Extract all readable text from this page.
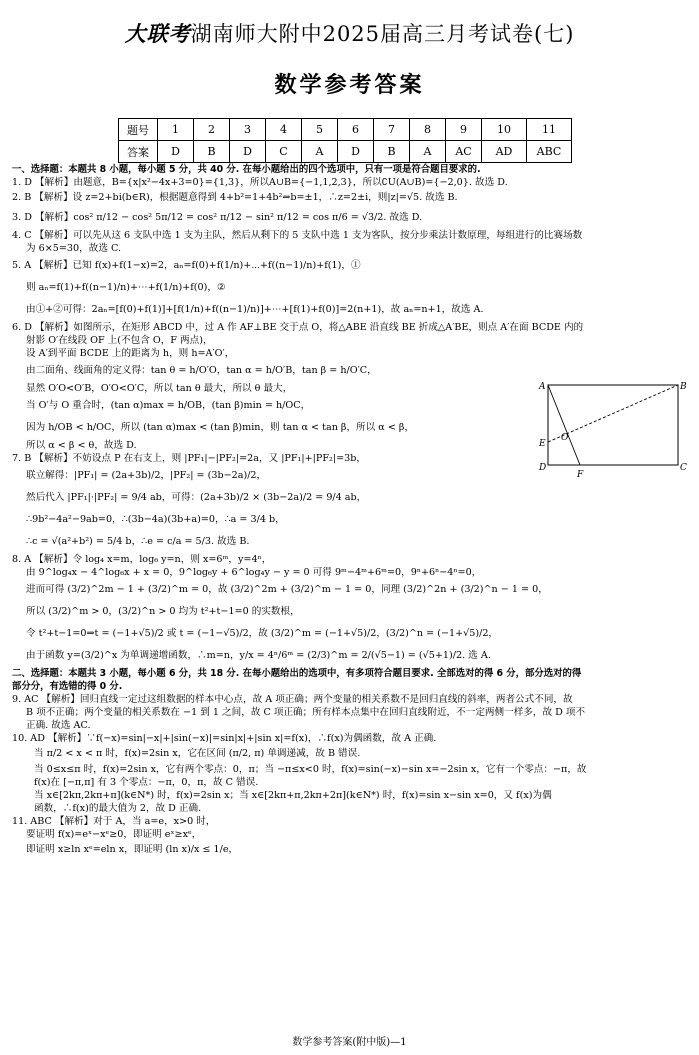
大联考湖南师大附中2025届高三月考试卷(七)
数学参考答案
题号	1	2	3	4	5	6	7	8	9	10	11
答案	D	B	D	C	A	D	B	A	AC	AD	ABC
一、选择题：本题共 8 小题，每小题 5 分，共 40 分. 在每小题给出的四个选项中，只有一项是符合题目要求的.
1. D 【解析】由题意，B={x|x²−4x+3=0}={1,3}，所以A∪B={−1,1,2,3}，所以∁U(A∪B)={−2,0}. 故选 D.
2. B 【解析】设 z=2+bi(b∈R)，根据题意得到 4+b²=1+4b²⇒b=±1，∴z=2±i，则|z|=√5. 故选 B.
3. D 【解析】cos² π/12 − cos² 5π/12 = cos² π/12 − sin² π/12 = cos π/6 = √3/2. 故选 D.
4. C 【解析】可以先从这 6 支队中选 1 支为主队，然后从剩下的 5 支队中选 1 支为客队，按分步乘法计数原理，每组进行的比赛场数
为 6×5=30，故选 C.
5. A 【解析】已知 f(x)+f(1−x)=2，aₙ=f(0)+f(1/n)+⋯+f((n−1)/n)+f(1)，①
则 aₙ=f(1)+f((n−1)/n)+⋯+f(1/n)+f(0)，②
由①+②可得：2aₙ=[f(0)+f(1)]+[f(1/n)+f((n−1)/n)]+⋯+[f(1)+f(0)]=2(n+1)，故 aₙ=n+1，故选 A.
6. D 【解析】如图所示，在矩形 ABCD 中，过 A 作 AF⊥BE 交于点 O，将△ABE 沿直线 BE 折成△A′BE，则点 A′在面 BCDE 内的
射影 O′在线段 OF 上(不包含 O，F 两点)，
设 A′到平面 BCDE 上的距离为 h，则 h=A′O′，
由二面角、线面角的定义得：tan θ = h/O′O，tan α = h/O′B，tan β = h/O′C，
显然 O′O<O′B，O′O<O′C，所以 tan θ 最大，所以 θ 最大，
当 O′与 O 重合时，(tan α)max = h/OB，(tan β)min = h/OC，
因为 h/OB < h/OC，所以 (tan α)max < (tan β)min，则 tan α < tan β，所以 α < β，
所以 α < β < θ，故选 D.
7. B 【解析】不妨设点 P 在右支上，则 |PF₁|−|PF₂|=2a，又 |PF₁|+|PF₂|=3b，
联立解得：|PF₁| = (2a+3b)/2，|PF₂| = (3b−2a)/2，
然后代入 |PF₁|·|PF₂| = 9/4 ab，可得：(2a+3b)/2 × (3b−2a)/2 = 9/4 ab，
∴9b²−4a²−9ab=0，∴(3b−4a)(3b+a)=0，∴a = 3/4 b，
∴c = √(a²+b²) = 5/4 b，∴e = c/a = 5/3. 故选 B.
8. A 【解析】令 log₄ x=m，log₆ y=n，则 x=6ᵐ，y=4ⁿ，
由 9^log₄x − 4^log₆x + x = 0，9^log₆y + 6^log₄y − y = 0 可得 9ᵐ−4ᵐ+6ᵐ=0，9ⁿ+6ⁿ−4ⁿ=0，
进而可得 (3/2)^2m − 1 + (3/2)^m = 0，故 (3/2)^2m + (3/2)^m − 1 = 0，同理 (3/2)^2n + (3/2)^n − 1 = 0，
所以 (3/2)^m > 0，(3/2)^n > 0 均为 t²+t−1=0 的实数根，
令 t²+t−1=0⇒t = (−1+√5)/2 或 t = (−1−√5)/2，故 (3/2)^m = (−1+√5)/2，(3/2)^n = (−1+√5)/2，
由于函数 y=(3/2)^x 为单调递增函数，∴m=n，y/x = 4ⁿ/6ᵐ = (2/3)^m = 2/(√5−1) = (√5+1)/2. 选 A.
二、选择题：本题共 3 小题，每小题 6 分，共 18 分. 在每小题给出的选项中，有多项符合题目要求. 全部选对的得 6 分，部分选对的得
部分分，有选错的得 0 分.
9. AC 【解析】回归直线一定过这组数据的样本中心点，故 A 项正确；两个变量的相关系数不是回归直线的斜率，两者公式不同，故
B 项不正确；两个变量的相关系数在 −1 到 1 之间，故 C 项正确；所有样本点集中在回归直线附近，不一定两侧一样多，故 D 项不
正确. 故选 AC.
10. AD 【解析】∵f(−x)=sin|−x|+|sin(−x)|=sin|x|+|sin x|=f(x)，∴f(x)为偶函数，故 A 正确.
当 π/2 < x < π 时，f(x)=2sin x，它在区间 (π/2, π) 单调递减，故 B 错误.
当 0≤x≤π 时，f(x)=2sin x，它有两个零点：0，π；当 −π≤x<0 时，f(x)=sin(−x)−sin x=−2sin x，它有一个零点：−π，故
f(x)在 [−π,π] 有 3 个零点：−π，0，π，故 C 错误.
当 x∈[2kπ,2kπ+π](k∈N*) 时，f(x)=2sin x；当 x∈[2kπ+π,2kπ+2π](k∈N*) 时，f(x)=sin x−sin x=0，又 f(x)为偶
函数，∴f(x)的最大值为 2，故 D 正确.
11. ABC 【解析】对于 A，当 a=e，x>0 时，
要证明 f(x)=eˣ−xᵉ≥0，即证明 eˣ≥xᵉ，
即证明 x≥ln xᵉ=eln x，即证明 (ln x)/x ≤ 1/e，
A	B
C
D
E
F
O
数学参考答案(附中版)—1
